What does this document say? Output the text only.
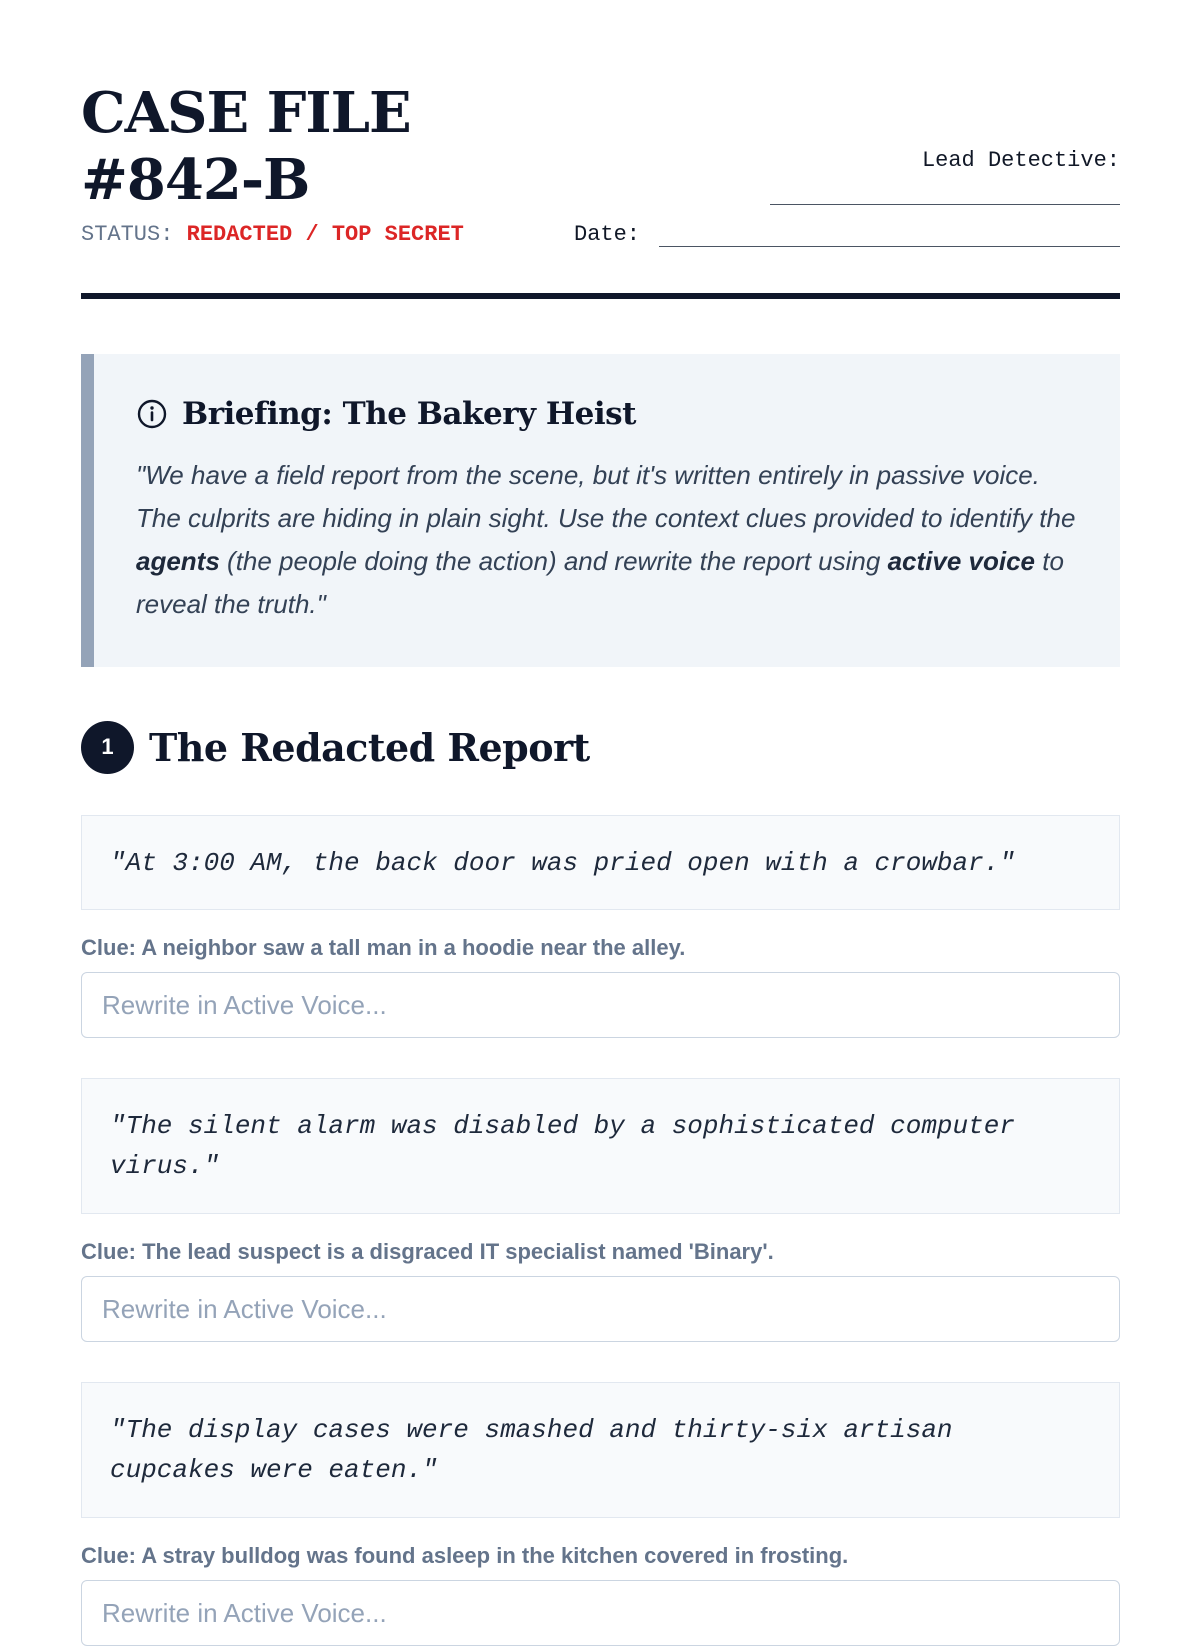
CASE FILE #842-B
STATUS: REDACTED / TOP SECRET
Lead Detective:
Date:
Briefing: The Bakery Heist
"We have a field report from the scene, but it's written entirely in passive voice. The culprits are hiding in plain sight. Use the context clues provided to identify the agents (the people doing the action) and rewrite the report using active voice to reveal the truth."
1 The Redacted Report
"At 3:00 AM, the back door was pried open with a crowbar."
Clue: A neighbor saw a tall man in a hoodie near the alley.
Rewrite in Active Voice...
"The silent alarm was disabled by a sophisticated computer virus."
Clue: The lead suspect is a disgraced IT specialist named 'Binary'.
Rewrite in Active Voice...
"The display cases were smashed and thirty-six artisan cupcakes were eaten."
Clue: A stray bulldog was found asleep in the kitchen covered in frosting.
Rewrite in Active Voice...
